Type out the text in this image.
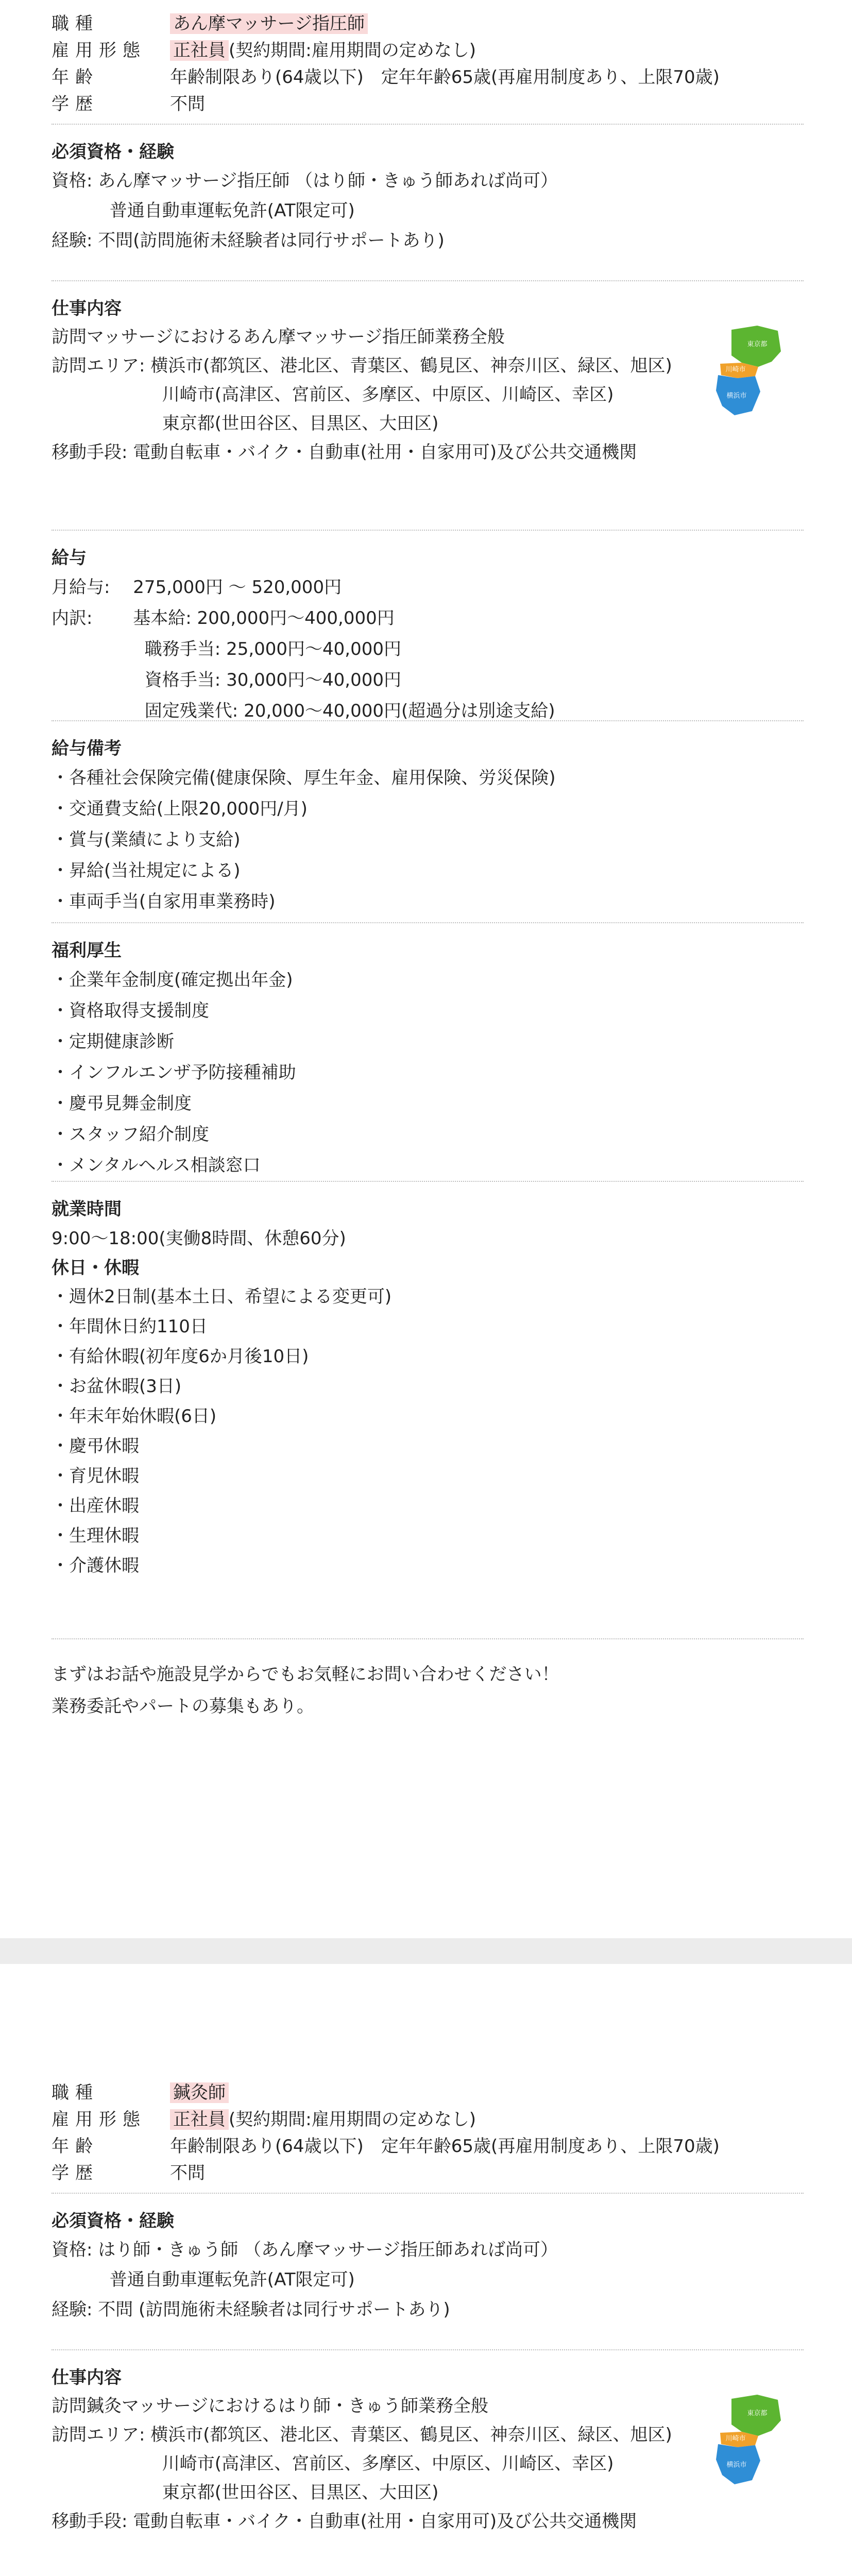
職種	あん摩マッサージ指圧師
雇用形態	正社員 (契約期間:雇用期間の定めなし)
年齢	年齢制限あり(64歳以下)　定年年齢65歳(再雇用制度あり、上限70歳)
学歴	不問
必須資格・経験
資格: あん摩マッサージ指圧師 （はり師・きゅう師あれば尚可）
　　　 普通自動車運転免許(AT限定可)
経験: 不問(訪問施術未経験者は同行サポートあり)
仕事内容
訪問マッサージにおけるあん摩マッサージ指圧師業務全般
訪問エリア: 横浜市(都筑区、港北区、青葉区、鶴見区、神奈川区、緑区、旭区)
　　　　　　 川崎市(高津区、宮前区、多摩区、中原区、川崎区、幸区)
　　　　　　 東京都(世田谷区、目黒区、大田区)
移動手段: 電動自転車・バイク・自動車(社用・自家用可)及び公共交通機関
東京都
川崎市
横浜市
給与
月給与:　 275,000円 ～ 520,000円
内訳:　　 基本給: 200,000円～400,000円
　　　　　 職務手当: 25,000円～40,000円
　　　　　 資格手当: 30,000円～40,000円
　　　　　 固定残業代: 20,000～40,000円(超過分は別途支給)
給与備考
・ 各種社会保険完備(健康保険、厚生年金、雇用保険、労災保険)
・ 交通費支給(上限20,000円/月)
・ 賞与(業績により支給)
・ 昇給(当社規定による)
・ 車両手当(自家用車業務時)
福利厚生
・ 企業年金制度(確定拠出年金)
・ 資格取得支援制度
・ 定期健康診断
・ インフルエンザ予防接種補助
・ 慶弔見舞金制度
・ スタッフ紹介制度
・ メンタルヘルス相談窓口
就業時間
9:00～18:00(実働8時間、休憩60分)
休日・休暇
・ 週休2日制(基本土日、希望による変更可)
・ 年間休日約110日
・ 有給休暇(初年度6か月後10日)
・ お盆休暇(3日)
・ 年末年始休暇(6日)
・ 慶弔休暇
・ 育児休暇
・ 出産休暇
・ 生理休暇
・ 介護休暇
まずはお話や施設見学からでもお気軽にお問い合わせください！
業務委託やパートの募集もあり。
職種	鍼灸師
雇用形態	正社員 (契約期間:雇用期間の定めなし)
年齢	年齢制限あり(64歳以下)　定年年齢65歳(再雇用制度あり、上限70歳)
学歴	不問
必須資格・経験
資格: はり師・きゅう師 （あん摩マッサージ指圧師あれば尚可）
　　　 普通自動車運転免許(AT限定可)
経験: 不問 (訪問施術未経験者は同行サポートあり)
仕事内容
訪問鍼灸マッサージにおけるはり師・きゅう師業務全般
訪問エリア: 横浜市(都筑区、港北区、青葉区、鶴見区、神奈川区、緑区、旭区)
　　　　　　 川崎市(高津区、宮前区、多摩区、中原区、川崎区、幸区)
　　　　　　 東京都(世田谷区、目黒区、大田区)
移動手段: 電動自転車・バイク・自動車(社用・自家用可)及び公共交通機関
東京都
川崎市
横浜市
